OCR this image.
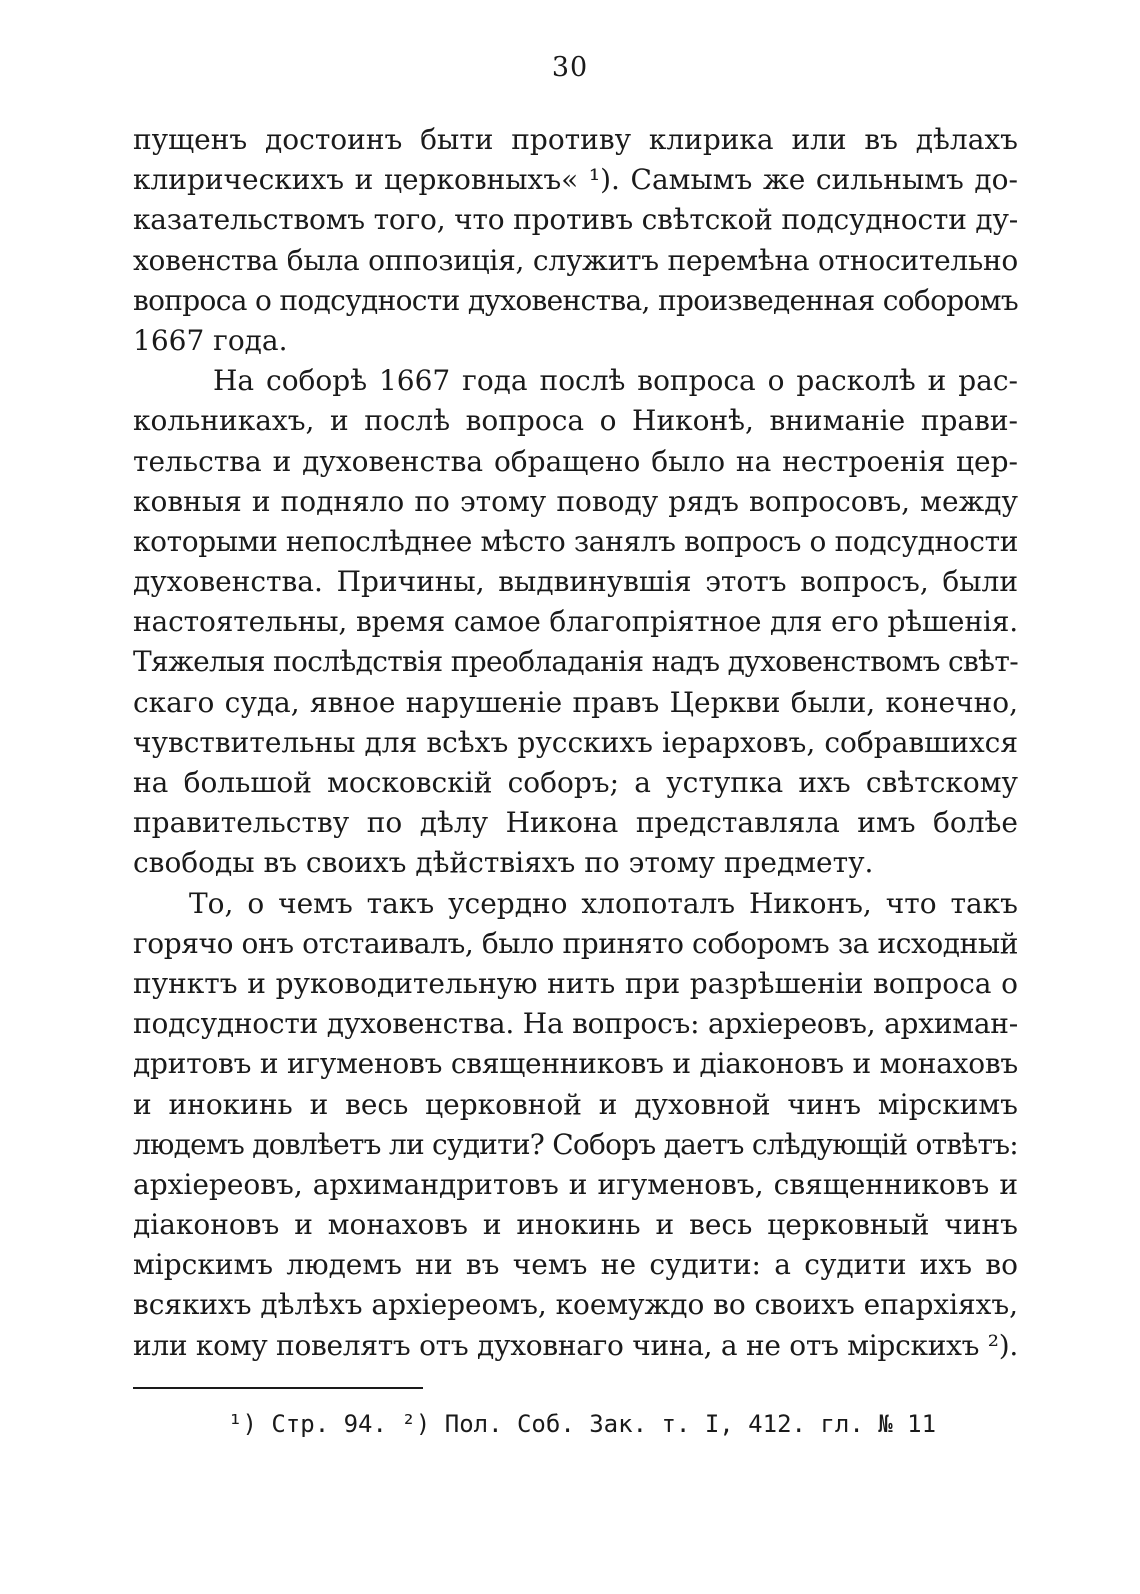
30
пущенъ достоинъ быти противу клирика или въ дѣлахъ
клирическихъ и церковныхъ« ¹). Самымъ же сильнымъ до-
казательствомъ того, что противъ свѣтской подсудности ду-
ховенства была оппозиція, служитъ перемѣна относительно
вопроса о подсудности духовенства, произведенная соборомъ
1667 года.
На соборѣ 1667 года послѣ вопроса о расколѣ и рас-
кольникахъ, и послѣ вопроса о Никонѣ, вниманіе прави-
тельства и духовенства обращено было на нестроенія цер-
ковныя и подняло по этому поводу рядъ вопросовъ, между
которыми непослѣднее мѣсто занялъ вопросъ о подсудности
духовенства. Причины, выдвинувшія этотъ вопросъ, были
настоятельны, время самое благопріятное для его рѣшенія.
Тяжелыя послѣдствія преобладанія надъ духовенствомъ свѣт-
скаго суда, явное нарушеніе правъ Церкви были, конечно,
чувствительны для всѣхъ русскихъ іерарховъ, собравшихся
на большой московскій соборъ; а уступка ихъ свѣтскому
правительству по дѣлу Никона представляла имъ болѣе
свободы въ своихъ дѣйствіяхъ по этому предмету.
То, о чемъ такъ усердно хлопоталъ Никонъ, что такъ
горячо онъ отстаивалъ, было принято соборомъ за исходный
пунктъ и руководительную нить при разрѣшеніи вопроса о
подсудности духовенства. На вопросъ: архіереовъ, архиман-
дритовъ и игуменовъ священниковъ и діаконовъ и монаховъ
и инокинь и весь церковной и духовной чинъ мірскимъ
людемъ довлѣетъ ли судити? Соборъ даетъ слѣдующій отвѣтъ:
архіереовъ, архимандритовъ и игуменовъ, священниковъ и
діаконовъ и монаховъ и инокинь и весь церковный чинъ
мірскимъ людемъ ни въ чемъ не судити: а судити ихъ во
всякихъ дѣлѣхъ архіереомъ, коемуждо во своихъ епархіяхъ,
или кому повелятъ отъ духовнаго чина, а не отъ мірскихъ ²).
¹) Стр. 94. ²) Пол. Соб. Зак. т. I, 412. гл. № 11
